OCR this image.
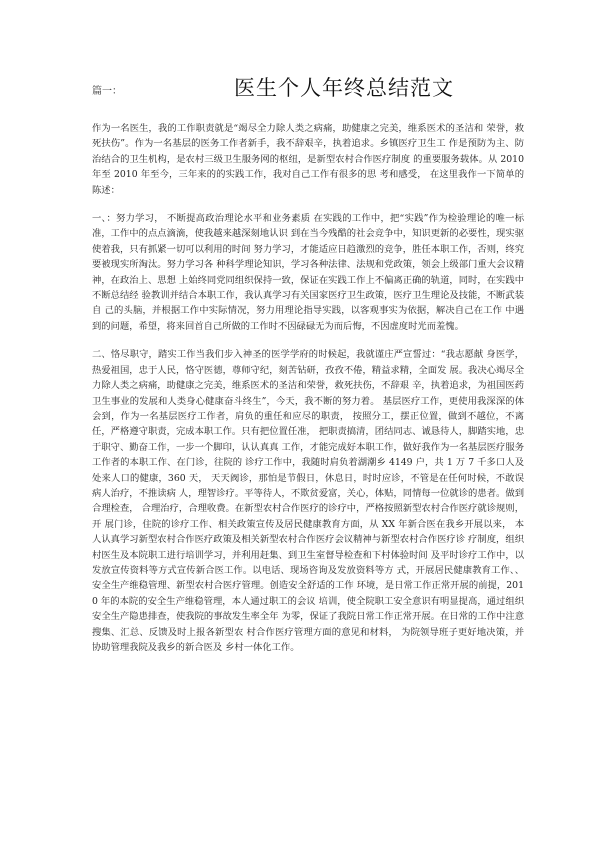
篇一：	医生个人年终总结范文

作为一名医生，我的工作职责就是“竭尽全力除人类之病痛，助健康之完美，维系医术的圣洁和 荣誉，救死扶伤”。作为一名基层的医务工作者新手，我不辞艰辛，执着追求。乡镇医疗卫生工 作是预防为主、防治结合的卫生机构，是农村三级卫生服务网的枢纽，是新型农村合作医疗制度 的重要服务载体。从 2010 年至 2010 年至今，三年来的的实践工作，我对自己工作有很多的思 考和感受， 在这里我作一下简单的陈述：

一、：努力学习， 不断提高政治理论水平和业务素质 在实践的工作中，把“实践”作为检验理论的唯一标准，工作中的点点滴滴，使我越来越深刻地认识 到在当今残酷的社会竞争中，知识更新的必要性，现实驱使着我，只有抓紧一切可以利用的时间 努力学习，才能适应日趋激烈的竞争，胜任本职工作，否则，终究要被现实所淘汰。努力学习各 种科学理论知识，学习各种法律、法规和党政策，领会上级部门重大会议精神，在政治上、思想 上始终同党同组织保持一致，保证在实践工作上不偏离正确的轨道，同时，在实践中不断总结经 验教训并结合本职工作，我认真学习有关国家医疗卫生政策，医疗卫生理论及技能，不断武装自 己的头脑，并根据工作中实际情况，努力用理论指导实践，以客观事实为依据，解决自己在工作 中遇到的问题，希望，将来回首自己所做的工作时不因碌碌无为而后悔，不因虚度时光而羞愧。

二、恪尽职守，踏实工作当我们步入神圣的医学学府的时候起，我就谨庄严宣誓过：“我志愿献 身医学，热爱祖国，忠于人民，恪守医德，尊师守纪，刻苦钻研，孜孜不倦，精益求精，全面发 展。我决心竭尽全力除人类之病痛，助健康之完美，维系医术的圣洁和荣誉，救死扶伤，不辞艰 辛，执着追求，为祖国医药卫生事业的发展和人类身心健康奋斗终生”，今天，我不断的努力着。 基层医疗工作，更使用我深深的体会到，作为一名基层医疗工作者，肩负的重任和应尽的职责， 按照分工，摆正位置，做到不越位，不离任，严格遵守职责，完成本职工作。只有把位置任准， 把职责搞清，团结同志、诚恳待人，脚踏实地，忠于职守、勤奋工作，一步一个脚印，认认真真 工作，才能完成好本职工作，做好我作为一名基层医疗服务工作者的本职工作、在门诊，往院的 诊疗工作中，我随时肩负着湖潮乡 4149 户，共 1 万 7 千多口人及处来人口的健康，360 天， 天天阀诊，那怕是节假日，休息日，时时应诊，不管是在任何时候，不敢误病人治疗，不推读病 人，理智诊疗。平等待人，不欺贫爱富，关心，体贴，同情每一位就诊的患者。做到合理检查， 合理治疗，合理收费。在新型农村合作医疗的诊疗中，严格按照新型农村合作医疗就诊规则，开 展门诊，住院的诊疗工作、相关政策宣传及居民健康教育方面，从 XX 年新合医在我乡开展以来， 本人认真学习新型农村合作医疗政策及相关新型农村合作医疗会议精神与新型农村合作医疗诊 疗制度，组织村医生及本院职工进行培训学习，并利用赶集、到卫生室督导检查和下村体验时间 及平时诊疗工作中，以发放宣传资料等方式宣传新合医工作。以电话、现场咨询及发放资料等方 式，开展居民健康教育工作、、安全生产维稳管理、新型农村合医疗管理。创造安全舒适的工作 环境，是日常工作正常开展的前提，2010 年的本院的安全生产维稳管理，本人通过职工的会议 培训，使全院职工安全意识有明显提高，通过组织安全生产隐患排查，使我院的事故发生率全年 为零，保证了我院日常工作正常开展。在日常的工作中注意搜集、汇总、反馈及时上报各新型农 村合作医疗管理方面的意见和材料， 为院领导班子更好地决策，并协助管理我院及我乡的新合医及 乡村一体化工作。
